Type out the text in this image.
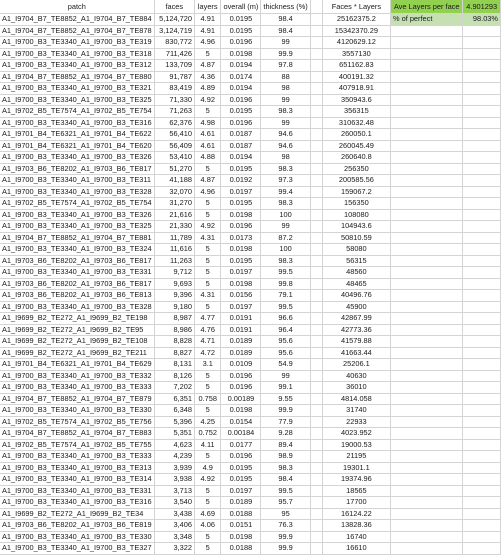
patch	faces	layers	overall (m)	thickness (%)		Faces * Layers	Ave Layers per face	4.901293
A1_I9704_B7_TE8852_A1_I9704_B7_TE884	5,124,720	4.91	0.0195	98.4		25162375.2	% of perfect	98.03%
A1_I9704_B7_TE8852_A1_I9704_B7_TE878	3,124,719	4.91	0.0195	98.4		15342370.29		
A1_I9700_B3_TE3340_A1_I9700_B3_TE319	830,772	4.96	0.0196	99		4120629.12		
A1_I9700_B3_TE3340_A1_I9700_B3_TE318	711,426	5	0.0198	99.9		3557130		
A1_I9700_B3_TE3340_A1_I9700_B3_TE312	133,709	4.87	0.0194	97.8		651162.83		
A1_I9704_B7_TE8852_A1_I9704_B7_TE880	91,787	4.36	0.0174	88		400191.32		
A1_I9700_B3_TE3340_A1_I9700_B3_TE321	83,419	4.89	0.0194	98		407918.91		
A1_I9700_B3_TE3340_A1_I9700_B3_TE325	71,330	4.92	0.0196	99		350943.6		
A1_I9702_B5_TE7574_A1_I9702_B5_TE754	71,263	5	0.0195	98.3		356315		
A1_I9700_B3_TE3340_A1_I9700_B3_TE316	62,376	4.98	0.0196	99		310632.48		
A1_I9701_B4_TE6321_A1_I9701_B4_TE622	56,410	4.61	0.0187	94.6		260050.1		
A1_I9701_B4_TE6321_A1_I9701_B4_TE620	56,409	4.61	0.0187	94.6		260045.49		
A1_I9700_B3_TE3340_A1_I9700_B3_TE326	53,410	4.88	0.0194	98		260640.8		
A1_I9703_B6_TE8202_A1_I9703_B6_TE817	51,270	5	0.0195	98.3		256350		
A1_I9700_B3_TE3340_A1_I9700_B3_TE311	41,188	4.87	0.0192	97.3		200585.56		
A1_I9700_B3_TE3340_A1_I9700_B3_TE328	32,070	4.96	0.0197	99.4		159067.2		
A1_I9702_B5_TE7574_A1_I9702_B5_TE754	31,270	5	0.0195	98.3		156350		
A1_I9700_B3_TE3340_A1_I9700_B3_TE326	21,616	5	0.0198	100		108080		
A1_I9700_B3_TE3340_A1_I9700_B3_TE325	21,330	4.92	0.0196	99		104943.6		
A1_I9704_B7_TE8852_A1_I9704_B7_TE881	11,789	4.31	0.0173	87.2		50810.59		
A1_I9700_B3_TE3340_A1_I9700_B3_TE324	11,616	5	0.0198	100		58080		
A1_I9703_B6_TE8202_A1_I9703_B6_TE817	11,263	5	0.0195	98.3		56315		
A1_I9700_B3_TE3340_A1_I9700_B3_TE331	9,712	5	0.0197	99.5		48560		
A1_I9703_B6_TE8202_A1_I9703_B6_TE817	9,693	5	0.0198	99.8		48465		
A1_I9703_B6_TE8202_A1_I9703_B6_TE813	9,396	4.31	0.0156	79.1		40496.76		
A1_I9700_B3_TE3340_A1_I9700_B3_TE328	9,180	5	0.0197	99.5		45900		
A1_I9699_B2_TE272_A1_I9699_B2_TE198	8,987	4.77	0.0191	96.6		42867.99		
A1_I9699_B2_TE272_A1_I9699_B2_TE95	8,986	4.76	0.0191	96.4		42773.36		
A1_I9699_B2_TE272_A1_I9699_B2_TE108	8,828	4.71	0.0189	95.6		41579.88		
A1_I9699_B2_TE272_A1_I9699_B2_TE211	8,827	4.72	0.0189	95.6		41663.44		
A1_I9701_B4_TE6321_A1_I9701_B4_TE629	8,131	3.1	0.0109	54.9		25206.1		
A1_I9700_B3_TE3340_A1_I9700_B3_TE332	8,126	5	0.0196	99		40630		
A1_I9700_B3_TE3340_A1_I9700_B3_TE333	7,202	5	0.0196	99.1		36010		
A1_I9704_B7_TE8852_A1_I9704_B7_TE879	6,351	0.758	0.00189	9.55		4814.058		
A1_I9700_B3_TE3340_A1_I9700_B3_TE330	6,348	5	0.0198	99.9		31740		
A1_I9702_B5_TE7574_A1_I9702_B5_TE756	5,396	4.25	0.0154	77.9		22933		
A1_I9704_B7_TE8852_A1_I9704_B7_TE883	5,351	0.752	0.00184	9.28		4023.952		
A1_I9702_B5_TE7574_A1_I9702_B5_TE755	4,623	4.11	0.0177	89.4		19000.53		
A1_I9700_B3_TE3340_A1_I9700_B3_TE333	4,239	5	0.0196	98.9		21195		
A1_I9700_B3_TE3340_A1_I9700_B3_TE313	3,939	4.9	0.0195	98.3		19301.1		
A1_I9700_B3_TE3340_A1_I9700_B3_TE314	3,938	4.92	0.0195	98.4		19374.96		
A1_I9700_B3_TE3340_A1_I9700_B3_TE331	3,713	5	0.0197	99.5		18565		
A1_I9700_B3_TE3340_A1_I9700_B3_TE316	3,540	5	0.0189	95.7		17700		
A1_I9699_B2_TE272_A1_I9699_B2_TE34	3,438	4.69	0.0188	95		16124.22		
A1_I9703_B6_TE8202_A1_I9703_B6_TE819	3,406	4.06	0.0151	76.3		13828.36		
A1_I9700_B3_TE3340_A1_I9700_B3_TE330	3,348	5	0.0198	99.9		16740		
A1_I9700_B3_TE3340_A1_I9700_B3_TE327	3,322	5	0.0188	99.9		16610		
